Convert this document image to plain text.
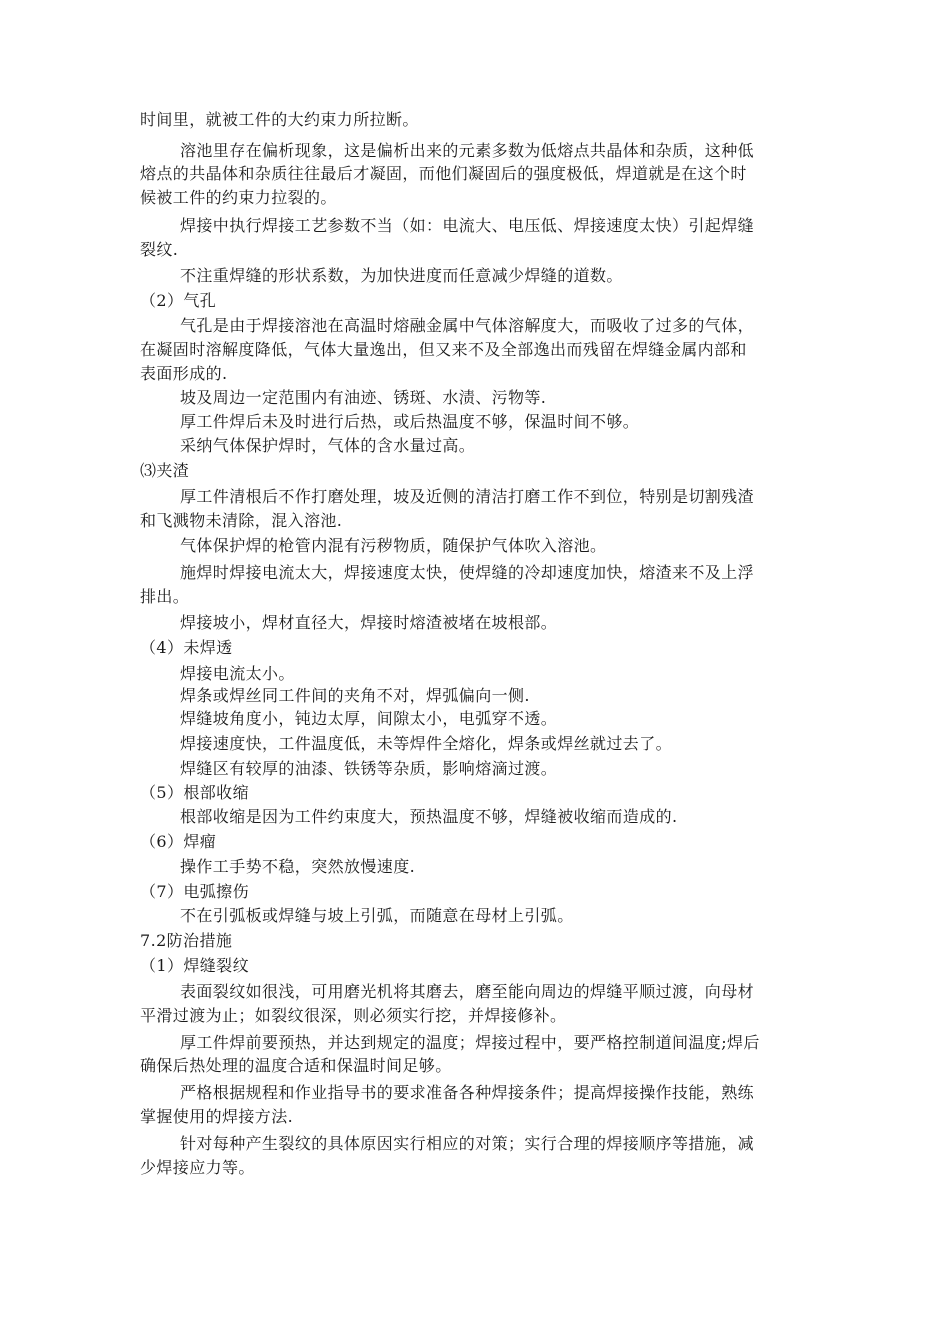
时间里，就被工件的大约束力所拉断。

溶池里存在偏析现象，这是偏析出来的元素多数为低熔点共晶体和杂质，这种低

熔点的共晶体和杂质往往最后才凝固，而他们凝固后的强度极低，焊道就是在这个时

候被工件的约束力拉裂的。

焊接中执行焊接工艺参数不当（如：电流大、电压低、焊接速度太快）引起焊缝

裂纹.

不注重焊缝的形状系数，为加快进度而任意减少焊缝的道数。

（2）气孔

气孔是由于焊接溶池在高温时熔融金属中气体溶解度大，而吸收了过多的气体，

在凝固时溶解度降低，气体大量逸出，但又来不及全部逸出而残留在焊缝金属内部和

表面形成的.

坡及周边一定范围内有油迹、锈斑、水渍、污物等.

厚工件焊后未及时进行后热，或后热温度不够，保温时间不够。

采纳气体保护焊时，气体的含水量过高。

⑶夹渣

厚工件清根后不作打磨处理，坡及近侧的清洁打磨工作不到位，特别是切割残渣

和飞溅物未清除，混入溶池.

气体保护焊的枪管内混有污秽物质，随保护气体吹入溶池。

施焊时焊接电流太大，焊接速度太快，使焊缝的冷却速度加快，熔渣来不及上浮

排出。

焊接坡小，焊材直径大，焊接时熔渣被堵在坡根部。

（4）未焊透

焊接电流太小。

焊条或焊丝同工件间的夹角不对，焊弧偏向一侧.

焊缝坡角度小，钝边太厚，间隙太小，电弧穿不透。

焊接速度快，工件温度低，未等焊件全熔化，焊条或焊丝就过去了。

焊缝区有较厚的油漆、铁锈等杂质，影响熔滴过渡。

（5）根部收缩

根部收缩是因为工件约束度大，预热温度不够，焊缝被收缩而造成的.

（6）焊瘤

操作工手势不稳，突然放慢速度.

（7）电弧擦伤

不在引弧板或焊缝与坡上引弧，而随意在母材上引弧。

7.2防治措施

（1）焊缝裂纹

表面裂纹如很浅，可用磨光机将其磨去，磨至能向周边的焊缝平顺过渡，向母材

平滑过渡为止；如裂纹很深，则必须实行挖，并焊接修补。

厚工件焊前要预热，并达到规定的温度；焊接过程中，要严格控制道间温度;焊后

确保后热处理的温度合适和保温时间足够。

严格根据规程和作业指导书的要求准备各种焊接条件；提高焊接操作技能，熟练

掌握使用的焊接方法.

针对每种产生裂纹的具体原因实行相应的对策；实行合理的焊接顺序等措施，减

少焊接应力等。
